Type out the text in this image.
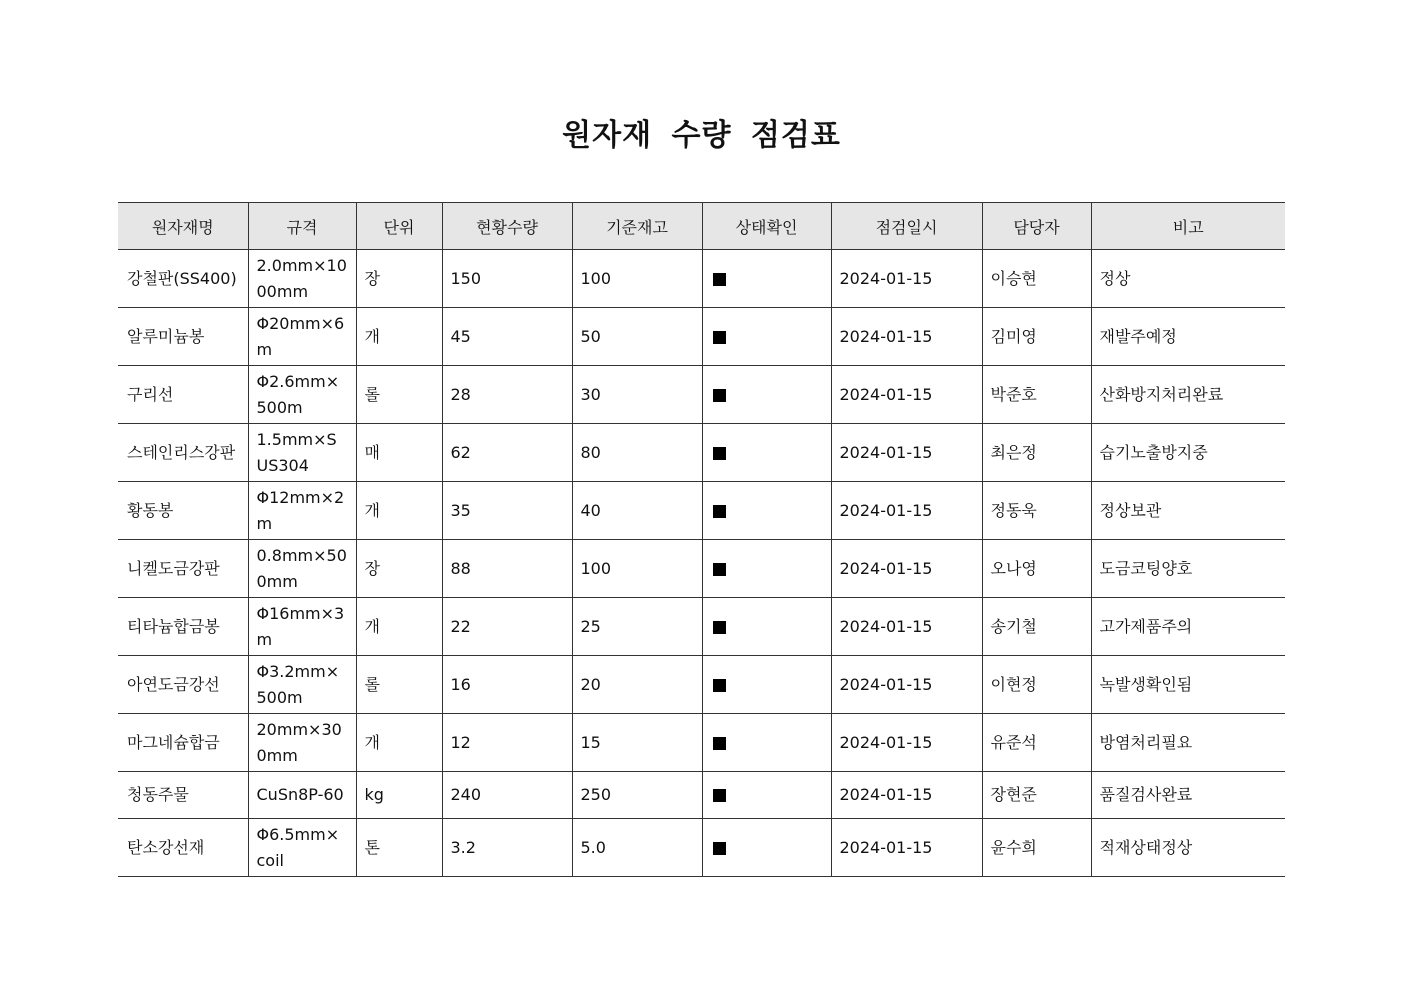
원자재 수량 점검표
원자재명	규격	단위	현황수량	기준재고	상태확인	점검일시	담당자	비고
강철판(SS400)	2.0mm×1000mm	장	150	100		2024-01-15	이승현	정상
알루미늄봉	Φ20mm×6m	개	45	50		2024-01-15	김미영	재발주예정
구리선	Φ2.6mm×500m	롤	28	30		2024-01-15	박준호	산화방지처리완료
스테인리스강판	1.5mm×SUS304	매	62	80		2024-01-15	최은정	습기노출방지중
황동봉	Φ12mm×2m	개	35	40		2024-01-15	정동욱	정상보관
니켈도금강판	0.8mm×500mm	장	88	100		2024-01-15	오나영	도금코팅양호
티타늄합금봉	Φ16mm×3m	개	22	25		2024-01-15	송기철	고가제품주의
아연도금강선	Φ3.2mm×500m	롤	16	20		2024-01-15	이현정	녹발생확인됨
마그네슘합금	20mm×300mm	개	12	15		2024-01-15	유준석	방염처리필요
청동주물	CuSn8P-60	kg	240	250		2024-01-15	장현준	품질검사완료
탄소강선재	Φ6.5mm×coil	톤	3.2	5.0		2024-01-15	윤수희	적재상태정상
